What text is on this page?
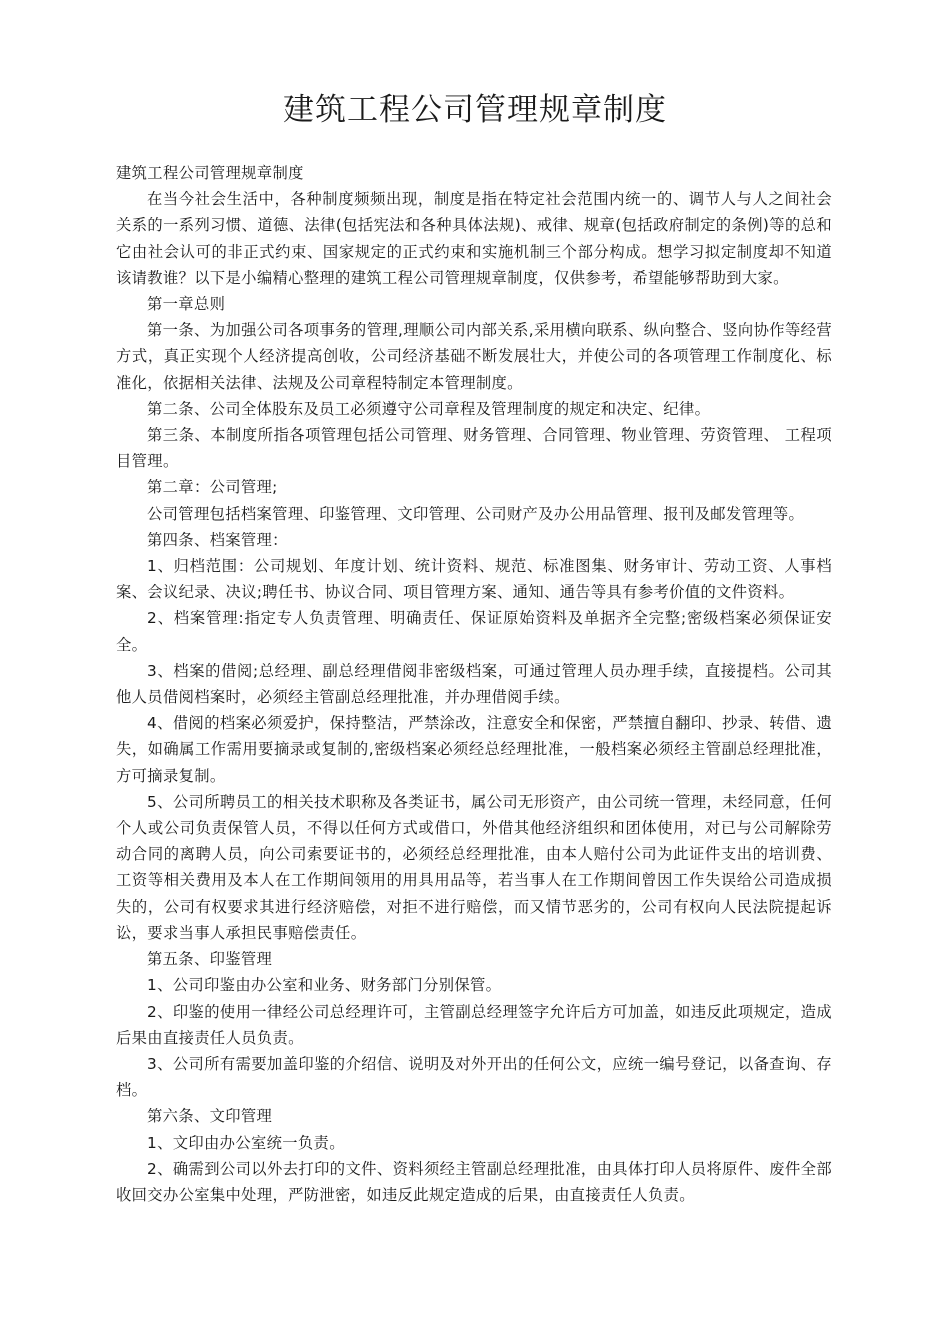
建筑工程公司管理规章制度

建筑工程公司管理规章制度

在当今社会生活中，各种制度频频出现，制度是指在特定社会范围内统一的、调节人与人之间社会关系的一系列习惯、道德、法律(包括宪法和各种具体法规)、戒律、规章(包括政府制定的条例)等的总和它由社会认可的非正式约束、国家规定的正式约束和实施机制三个部分构成。想学习拟定制度却不知道该请教谁？以下是小编精心整理的建筑工程公司管理规章制度，仅供参考，希望能够帮助到大家。

第一章总则

第一条、为加强公司各项事务的管理,理顺公司内部关系,采用横向联系、纵向整合、竖向协作等经营方式，真正实现个人经济提高创收，公司经济基础不断发展壮大，并使公司的各项管理工作制度化、标准化，依据相关法律、法规及公司章程特制定本管理制度。

第二条、公司全体股东及员工必须遵守公司章程及管理制度的规定和决定、纪律。

第三条、本制度所指各项管理包括公司管理、财务管理、合同管理、物业管理、劳资管理、 工程项目管理。

第二章：公司管理;

公司管理包括档案管理、印鉴管理、文印管理、公司财产及办公用品管理、报刊及邮发管理等。

第四条、档案管理：

1、归档范围：公司规划、年度计划、统计资料、规范、标准图集、财务审计、劳动工资、人事档案、会议纪录、决议;聘任书、协议合同、项目管理方案、通知、通告等具有参考价值的文件资料。

2、档案管理:指定专人负责管理、明确责任、保证原始资料及单据齐全完整;密级档案必须保证安全。

3、档案的借阅;总经理、副总经理借阅非密级档案，可通过管理人员办理手续，直接提档。公司其他人员借阅档案时，必须经主管副总经理批准，并办理借阅手续。

4、借阅的档案必须爱护，保持整洁，严禁涂改，注意安全和保密，严禁擅自翻印、抄录、转借、遗失，如确属工作需用要摘录或复制的,密级档案必须经总经理批准，一般档案必须经主管副总经理批准，方可摘录复制。

5、公司所聘员工的相关技术职称及各类证书，属公司无形资产，由公司统一管理，未经同意，任何个人或公司负责保管人员，不得以任何方式或借口，外借其他经济组织和团体使用，对已与公司解除劳动合同的离聘人员，向公司索要证书的，必须经总经理批准，由本人赔付公司为此证件支出的培训费、工资等相关费用及本人在工作期间领用的用具用品等，若当事人在工作期间曾因工作失误给公司造成损失的，公司有权要求其进行经济赔偿，对拒不进行赔偿，而又情节恶劣的，公司有权向人民法院提起诉讼，要求当事人承担民事赔偿责任。

第五条、印鉴管理

1、公司印鉴由办公室和业务、财务部门分别保管。

2、印鉴的使用一律经公司总经理许可，主管副总经理签字允许后方可加盖，如违反此项规定，造成后果由直接责任人员负责。

3、公司所有需要加盖印鉴的介绍信、说明及对外开出的任何公文，应统一编号登记，以备查询、存档。

第六条、文印管理

1、文印由办公室统一负责。

2、确需到公司以外去打印的文件、资料须经主管副总经理批准，由具体打印人员将原件、废件全部收回交办公室集中处理，严防泄密，如违反此规定造成的后果，由直接责任人负责。
